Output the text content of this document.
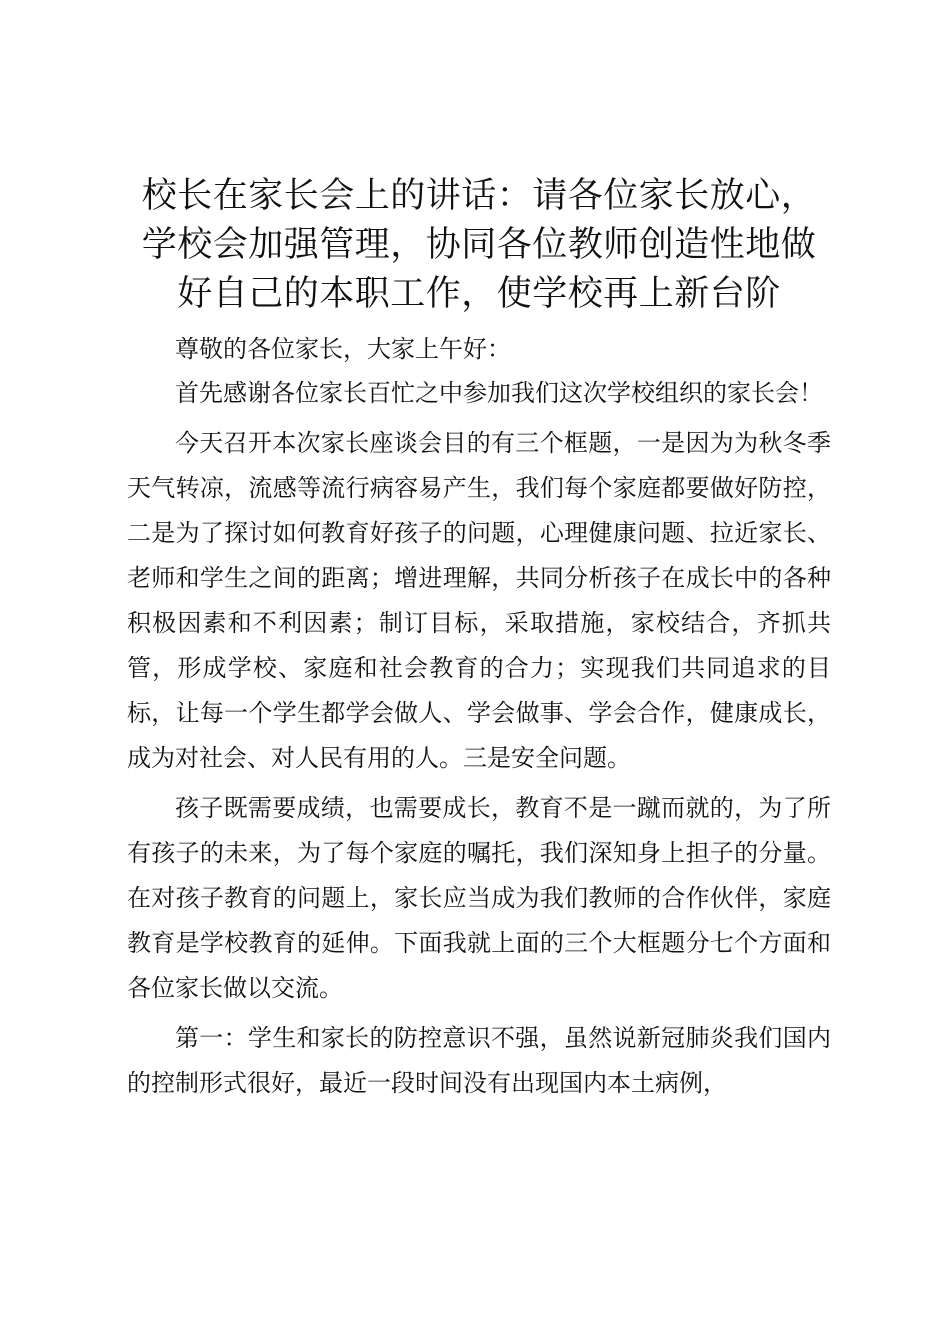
校长在家长会上的讲话：请各位家长放心，学校会加强管理，协同各位教师创造性地做好自己的本职工作，使学校再上新台阶

尊敬的各位家长，大家上午好：

首先感谢各位家长百忙之中参加我们这次学校组织的家长会！

今天召开本次家长座谈会目的有三个框题，一是因为为秋冬季天气转凉，流感等流行病容易产生，我们每个家庭都要做好防控，二是为了探讨如何教育好孩子的问题，心理健康问题、拉近家长、老师和学生之间的距离；增进理解，共同分析孩子在成长中的各种积极因素和不利因素；制订目标，采取措施，家校结合，齐抓共管，形成学校、家庭和社会教育的合力；实现我们共同追求的目标，让每一个学生都学会做人、学会做事、学会合作，健康成长，成为对社会、对人民有用的人。三是安全问题。

孩子既需要成绩，也需要成长，教育不是一蹴而就的，为了所有孩子的未来，为了每个家庭的嘱托，我们深知身上担子的分量。在对孩子教育的问题上，家长应当成为我们教师的合作伙伴，家庭教育是学校教育的延伸。下面我就上面的三个大框题分七个方面和各位家长做以交流。

第一：学生和家长的防控意识不强，虽然说新冠肺炎我们国内的控制形式很好，最近一段时间没有出现国内本土病例，
